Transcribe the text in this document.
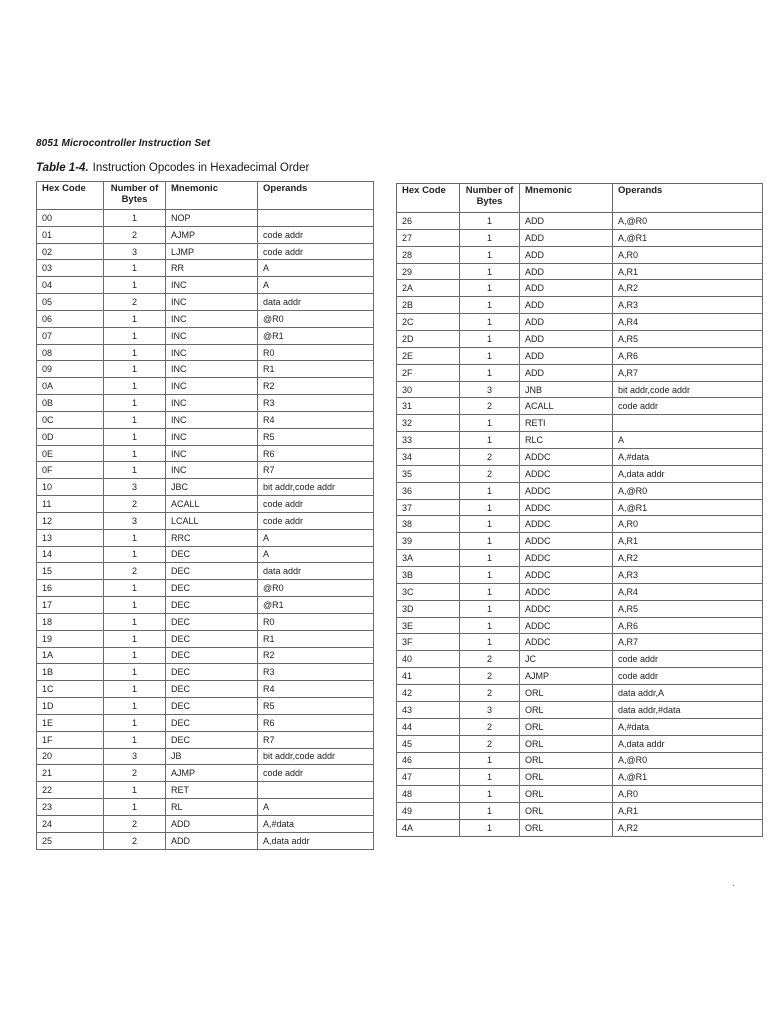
8051 Microcontroller Instruction Set
Table 1-4. Instruction Opcodes in Hexadecimal Order
Hex Code	Number of Bytes	Mnemonic	Operands
00	1	NOP	
01	2	AJMP	code addr
02	3	LJMP	code addr
03	1	RR	A
04	1	INC	A
05	2	INC	data addr
06	1	INC	@R0
07	1	INC	@R1
08	1	INC	R0
09	1	INC	R1
0A	1	INC	R2
0B	1	INC	R3
0C	1	INC	R4
0D	1	INC	R5
0E	1	INC	R6
0F	1	INC	R7
10	3	JBC	bit addr,code addr
11	2	ACALL	code addr
12	3	LCALL	code addr
13	1	RRC	A
14	1	DEC	A
15	2	DEC	data addr
16	1	DEC	@R0
17	1	DEC	@R1
18	1	DEC	R0
19	1	DEC	R1
1A	1	DEC	R2
1B	1	DEC	R3
1C	1	DEC	R4
1D	1	DEC	R5
1E	1	DEC	R6
1F	1	DEC	R7
20	3	JB	bit addr,code addr
21	2	AJMP	code addr
22	1	RET	
23	1	RL	A
24	2	ADD	A,#data
25	2	ADD	A,data addr
Hex Code	Number of Bytes	Mnemonic	Operands
26	1	ADD	A,@R0
27	1	ADD	A,@R1
28	1	ADD	A,R0
29	1	ADD	A,R1
2A	1	ADD	A,R2
2B	1	ADD	A,R3
2C	1	ADD	A,R4
2D	1	ADD	A,R5
2E	1	ADD	A,R6
2F	1	ADD	A,R7
30	3	JNB	bit addr,code addr
31	2	ACALL	code addr
32	1	RETI	
33	1	RLC	A
34	2	ADDC	A,#data
35	2	ADDC	A,data addr
36	1	ADDC	A,@R0
37	1	ADDC	A,@R1
38	1	ADDC	A,R0
39	1	ADDC	A,R1
3A	1	ADDC	A,R2
3B	1	ADDC	A,R3
3C	1	ADDC	A,R4
3D	1	ADDC	A,R5
3E	1	ADDC	A,R6
3F	1	ADDC	A,R7
40	2	JC	code addr
41	2	AJMP	code addr
42	2	ORL	data addr,A
43	3	ORL	data addr,#data
44	2	ORL	A,#data
45	2	ORL	A,data addr
46	1	ORL	A,@R0
47	1	ORL	A,@R1
48	1	ORL	A,R0
49	1	ORL	A,R1
4A	1	ORL	A,R2
